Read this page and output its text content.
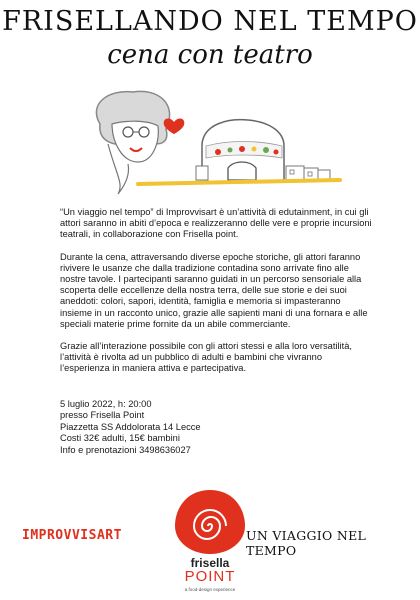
FRISELLANDO NEL TEMPO
cena con teatro

“Un viaggio nel tempo” di Improvvisart è un’attività di edutainment, in cui gli attori saranno in abiti d’epoca e realizzeranno delle vere e proprie incursioni teatrali, in collaborazione con Frisella point.

Durante la cena, attraversando diverse epoche storiche, gli attori faranno rivivere le usanze che dalla tradizione contadina sono arrivate fino alle nostre tavole. I partecipanti saranno guidati in un percorso sensoriale alla scoperta delle eccellenze della nostra terra, delle sue storie e dei suoi aneddoti: colori, sapori, identità, famiglia e memoria si impasteranno insieme in un racconto unico, grazie alle sapienti mani di una fornara e alle speciali materie prime fornite da un abile commerciante.

Grazie all’interazione possibile con gli attori stessi e alla loro versatilità, l’attività è rivolta ad un pubblico di adulti e bambini che vivranno l’esperienza in maniera attiva e partecipativa.

5 luglio 2022, h: 20:00
presso Frisella Point
Piazzetta SS Addolorata 14 Lecce
Costi 32€ adulti, 15€ bambini
Info e prenotazioni 3498636027
IMPROVVISART
frisella
POINT
a food-design experience
UN VIAGGIO NEL TEMPO
